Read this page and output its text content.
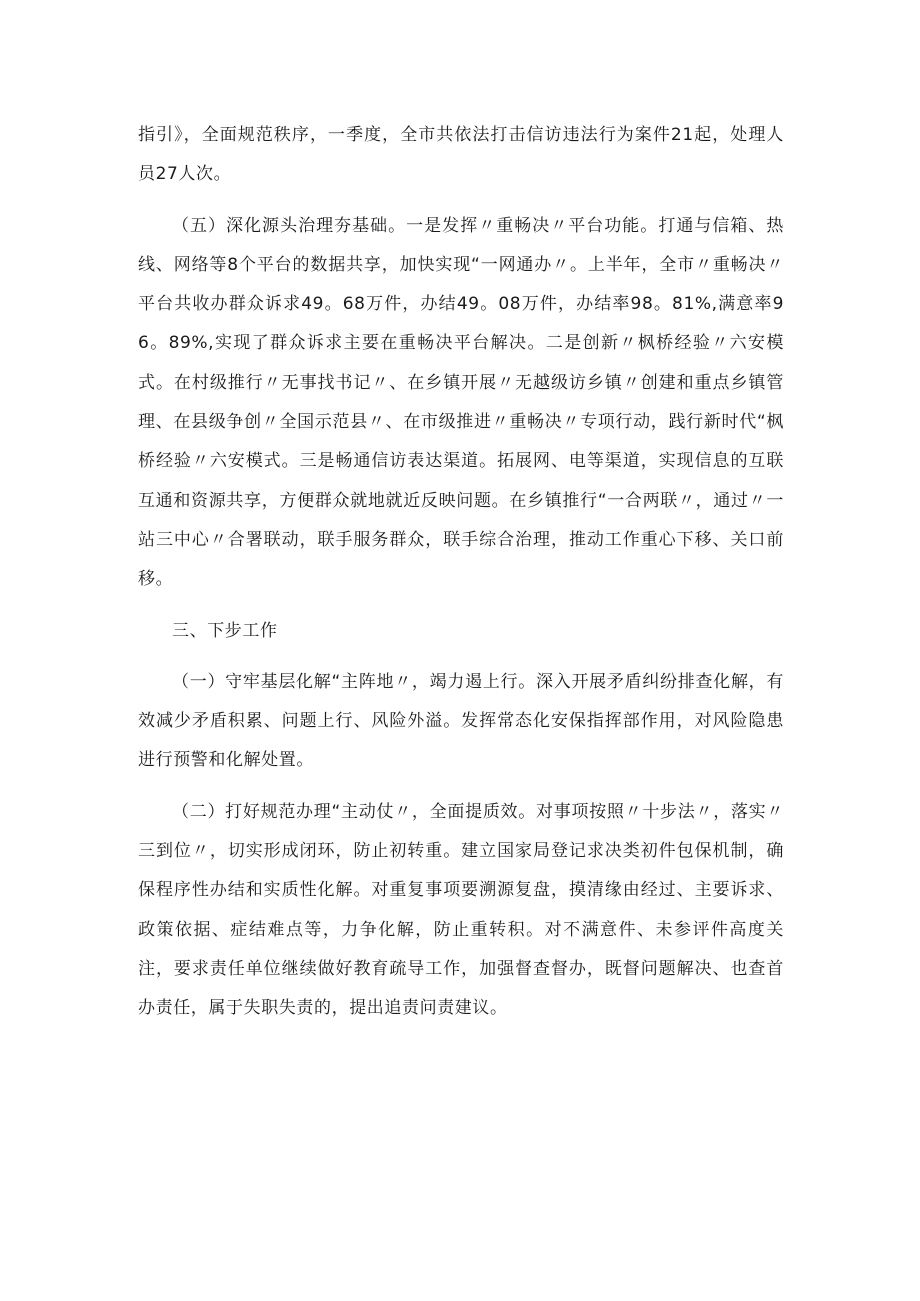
指引》，全面规范秩序，一季度，全市共依法打击信访违法行为案件21起，处理人员27人次。

（五）深化源头治理夯基础。一是发挥〃重畅决〃平台功能。打通与信箱、热线、网络等8个平台的数据共享，加快实现“一网通办〃。上半年，全市〃重畅决〃平台共收办群众诉求49。68万件，办结49。08万件，办结率98。81%,满意率96。89%,实现了群众诉求主要在重畅决平台解决。二是创新〃枫桥经验〃六安模式。在村级推行〃无事找书记〃、在乡镇开展〃无越级访乡镇〃创建和重点乡镇管理、在县级争创〃全国示范县〃、在市级推进〃重畅决〃专项行动，践行新时代“枫桥经验〃六安模式。三是畅通信访表达渠道。拓展网、电等渠道，实现信息的互联互通和资源共享，方便群众就地就近反映问题。在乡镇推行“一合两联〃，通过〃一站三中心〃合署联动，联手服务群众，联手综合治理，推动工作重心下移、关口前移。

三、下步工作

（一）守牢基层化解“主阵地〃，竭力遏上行。深入开展矛盾纠纷排查化解，有效减少矛盾积累、问题上行、风险外溢。发挥常态化安保指挥部作用，对风险隐患进行预警和化解处置。

（二）打好规范办理“主动仗〃，全面提质效。对事项按照〃十步法〃，落实〃三到位〃，切实形成闭环，防止初转重。建立国家局登记求决类初件包保机制，确保程序性办结和实质性化解。对重复事项要溯源复盘，摸清缘由经过、主要诉求、政策依据、症结难点等，力争化解，防止重转积。对不满意件、未参评件高度关注，要求责任单位继续做好教育疏导工作，加强督查督办，既督问题解决、也查首办责任，属于失职失责的，提出追责问责建议。
